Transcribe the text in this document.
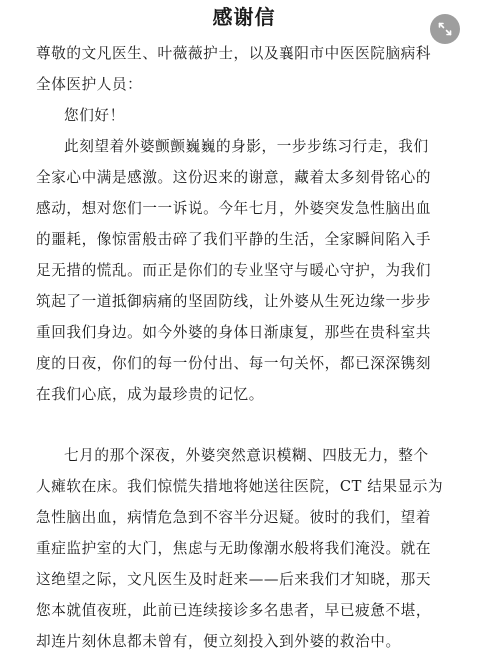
感谢信
尊敬的文凡医生、叶薇薇护士，以及襄阳市中医医院脑病科
全体医护人员：
您们好！
此刻望着外婆颤颤巍巍的身影，一步步练习行走，我们
全家心中满是感激。这份迟来的谢意，藏着太多刻骨铭心的
感动，想对您们一一诉说。今年七月，外婆突发急性脑出血
的噩耗，像惊雷般击碎了我们平静的生活，全家瞬间陷入手
足无措的慌乱。而正是你们的专业坚守与暖心守护，为我们
筑起了一道抵御病痛的坚固防线，让外婆从生死边缘一步步
重回我们身边。如今外婆的身体日渐康复，那些在贵科室共
度的日夜，你们的每一份付出、每一句关怀，都已深深镌刻
在我们心底，成为最珍贵的记忆。
七月的那个深夜，外婆突然意识模糊、四肢无力，整个
人瘫软在床。我们惊慌失措地将她送往医院，CT 结果显示为
急性脑出血，病情危急到不容半分迟疑。彼时的我们，望着
重症监护室的大门，焦虑与无助像潮水般将我们淹没。就在
这绝望之际，文凡医生及时赶来——后来我们才知晓，那天
您本就值夜班，此前已连续接诊多名患者，早已疲惫不堪，
却连片刻休息都未曾有，便立刻投入到外婆的救治中。
